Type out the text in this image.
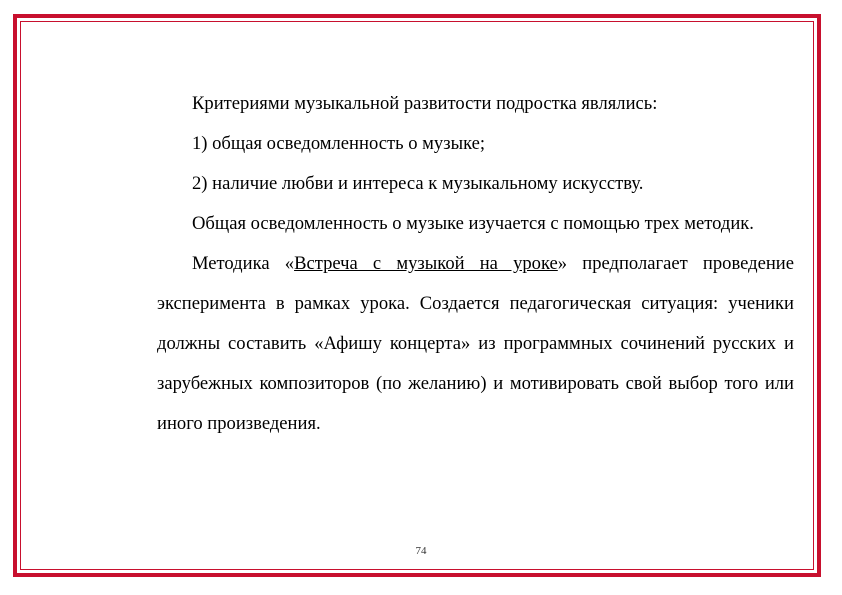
Критериями музыкальной развитости подростка являлись:

1) общая осведомленность о музыке;

2) наличие любви и интереса к музыкальному искусству.

Общая осведомленность о музыке изучается с помощью трех методик.

Методика «Встреча с музыкой на уроке» предполагает проведение эксперимента в рамках урока. Создается педагогическая ситуация: ученики должны составить «Афишу концерта» из программных сочинений русских и зарубежных композиторов (по желанию) и мотивировать свой выбор того или иного произведения.

74
